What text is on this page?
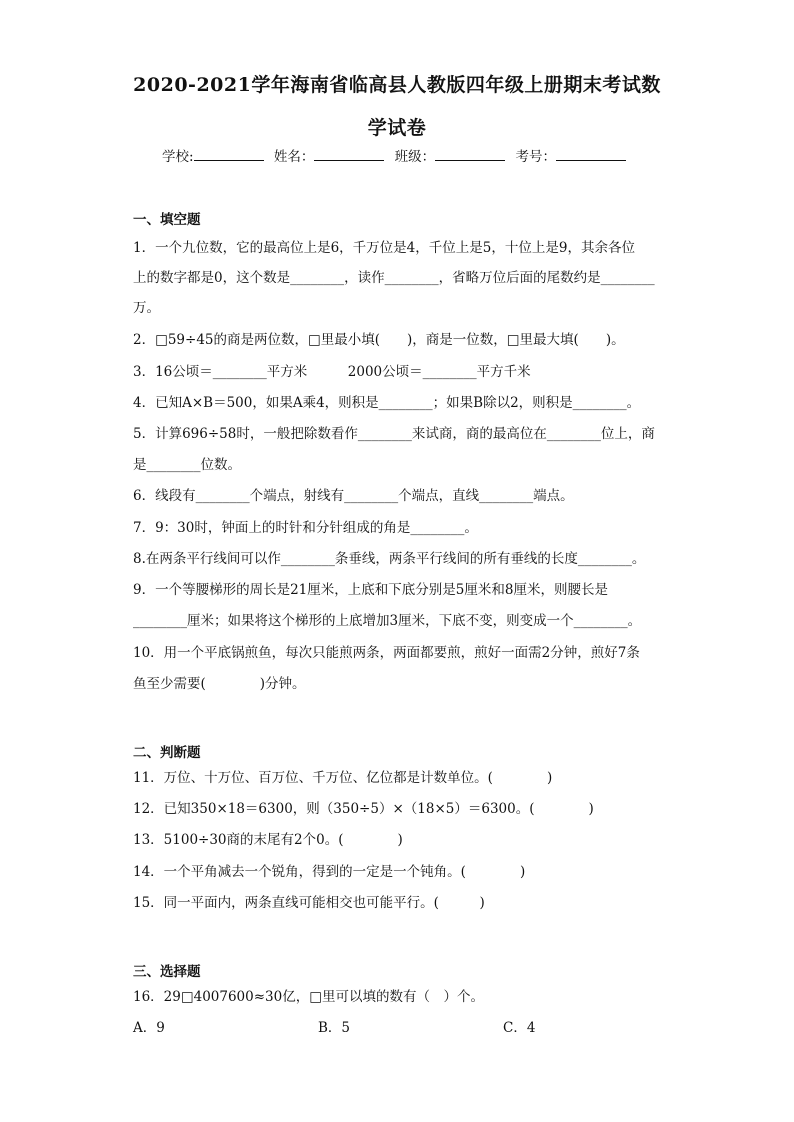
2020-2021学年海南省临高县人教版四年级上册期末考试数
学试卷
学校:	姓名：	班级：	考号：
一、填空题
1．一个九位数，它的最高位上是6，千万位是4，千位上是5，十位上是9，其余各位
上的数字都是0，这个数是________，读作________，省略万位后面的尾数约是________
万。
2．□59÷45的商是两位数，□里最小填(　　)，商是一位数，□里最大填(　　)。
3．16公顷＝________平方米　　　2000公顷＝________平方千米
4．已知A×B＝500，如果A乘4，则积是________；如果B除以2，则积是________。
5．计算696÷58时，一般把除数看作________来试商，商的最高位在________位上，商
是________位数。
6．线段有________个端点，射线有________个端点，直线________端点。
7．9：30时，钟面上的时针和分针组成的角是________。
8.在两条平行线间可以作________条垂线，两条平行线间的所有垂线的长度________。
9．一个等腰梯形的周长是21厘米，上底和下底分别是5厘米和8厘米，则腰长是
________厘米；如果将这个梯形的上底增加3厘米，下底不变，则变成一个________。
10．用一个平底锅煎鱼，每次只能煎两条，两面都要煎，煎好一面需2分钟，煎好7条
鱼至少需要(　　　　)分钟。
二、判断题
11．万位、十万位、百万位、千万位、亿位都是计数单位。(　　　　)
12．已知350×18＝6300，则（350÷5）×（18×5）＝6300。(　　　　)
13．5100÷30商的末尾有2个0。(　　　　)
14．一个平角减去一个锐角，得到的一定是一个钝角。(　　　　)
15．同一平面内，两条直线可能相交也可能平行。(　　　)
三、选择题
16．29□4007600≈30亿，□里可以填的数有（　）个。
A．9	B．5	C．4
